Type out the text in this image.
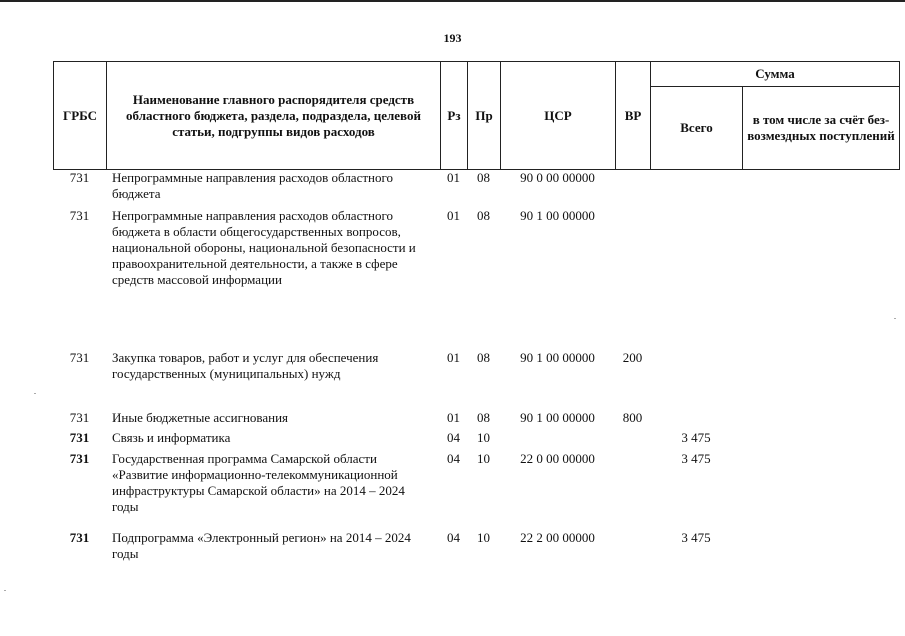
193
ГРБС	Наименование главного распорядителя средств областного бюджета, раздела, подраздела, целевой статьи, подгруппы видов расходов	Рз	Пр	ЦСР	ВР	Сумма	
						Всего	в том числе за счёт без-возмездных поступлений
731	Непрограммные направления расходов областного бюджета	01	08	90 0 00 00000			
731	Непрограммные направления расходов областного бюджета в области общегосударственных вопросов, национальной обороны, национальной безопасности и правоохранительной деятельности, а также в сфере средств массовой информации	01	08	90 1 00 00000			
731	Закупка товаров, работ и услуг для обеспечения государственных (муниципальных) нужд	01	08	90 1 00 00000	200		
731	Иные бюджетные ассигнования	01	08	90 1 00 00000	800		
731	Связь и информатика	04	10			3 475	
731	Государственная программа Самарской области «Развитие информационно-телекоммуникационной инфраструктуры Самарской области» на 2014 – 2024 годы	04	10	22 0 00 00000		3 475	
731	Подпрограмма «Электронный регион» на 2014 – 2024 годы	04	10	22 2 00 00000		3 475	
